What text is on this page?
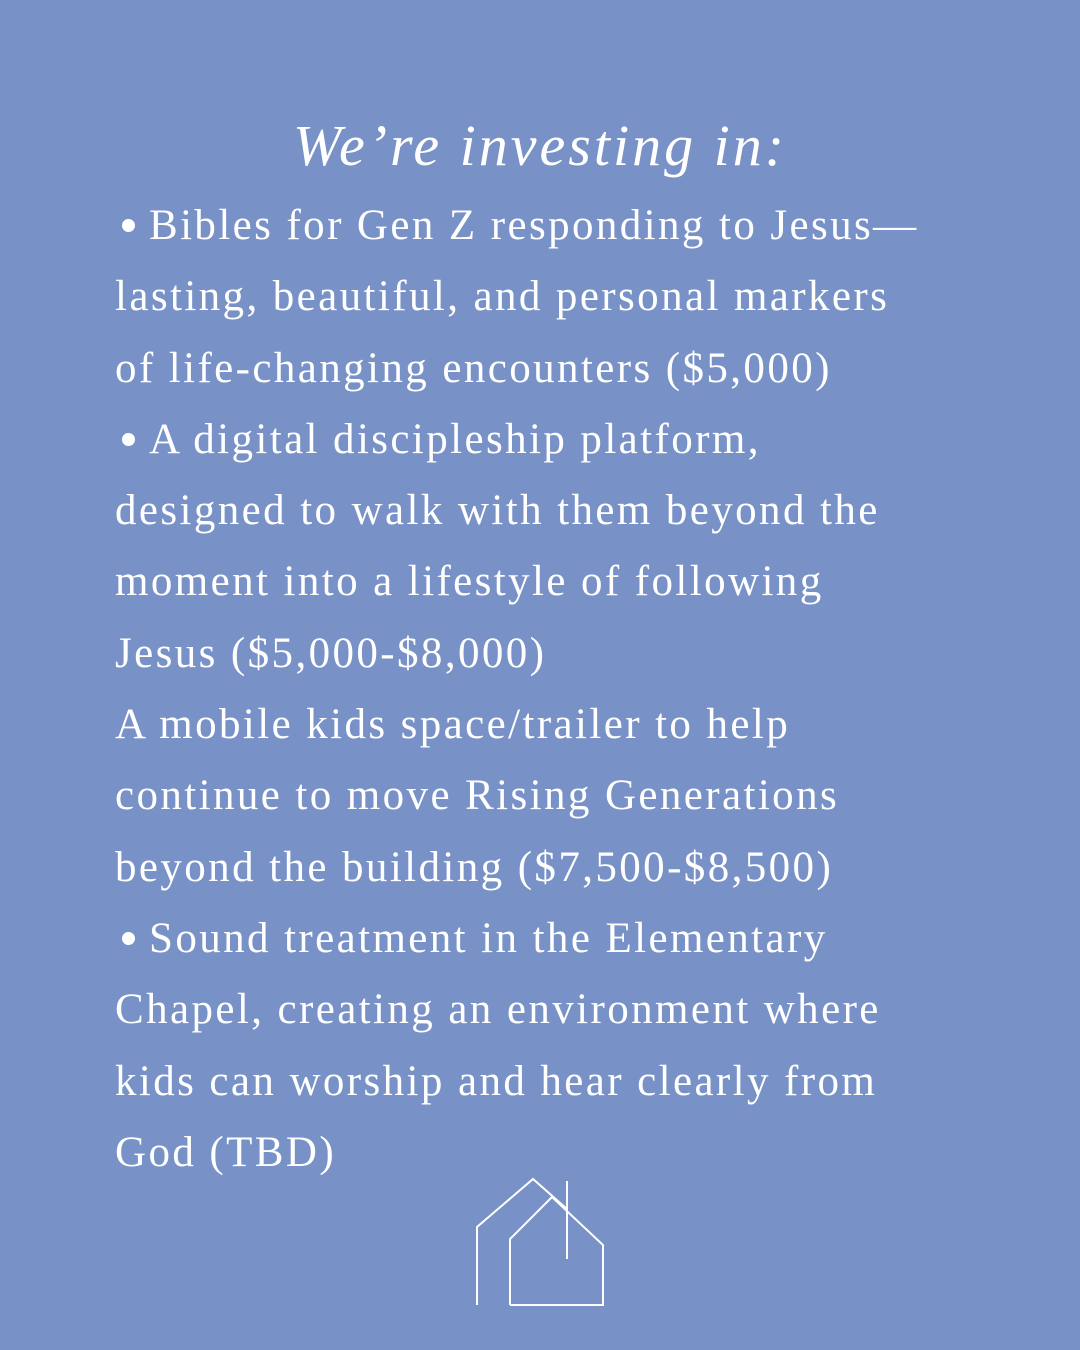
We’re investing in:
Bibles for Gen Z responding to Jesus—
lasting, beautiful, and personal markers
of life-changing encounters ($5,000)
A digital discipleship platform,
designed to walk with them beyond the
moment into a lifestyle of following
Jesus ($5,000-$8,000)
A mobile kids space/trailer to help
continue to move Rising Generations
beyond the building ($7,500-$8,500)
Sound treatment in the Elementary
Chapel, creating an environment where
kids can worship and hear clearly from
God (TBD)
